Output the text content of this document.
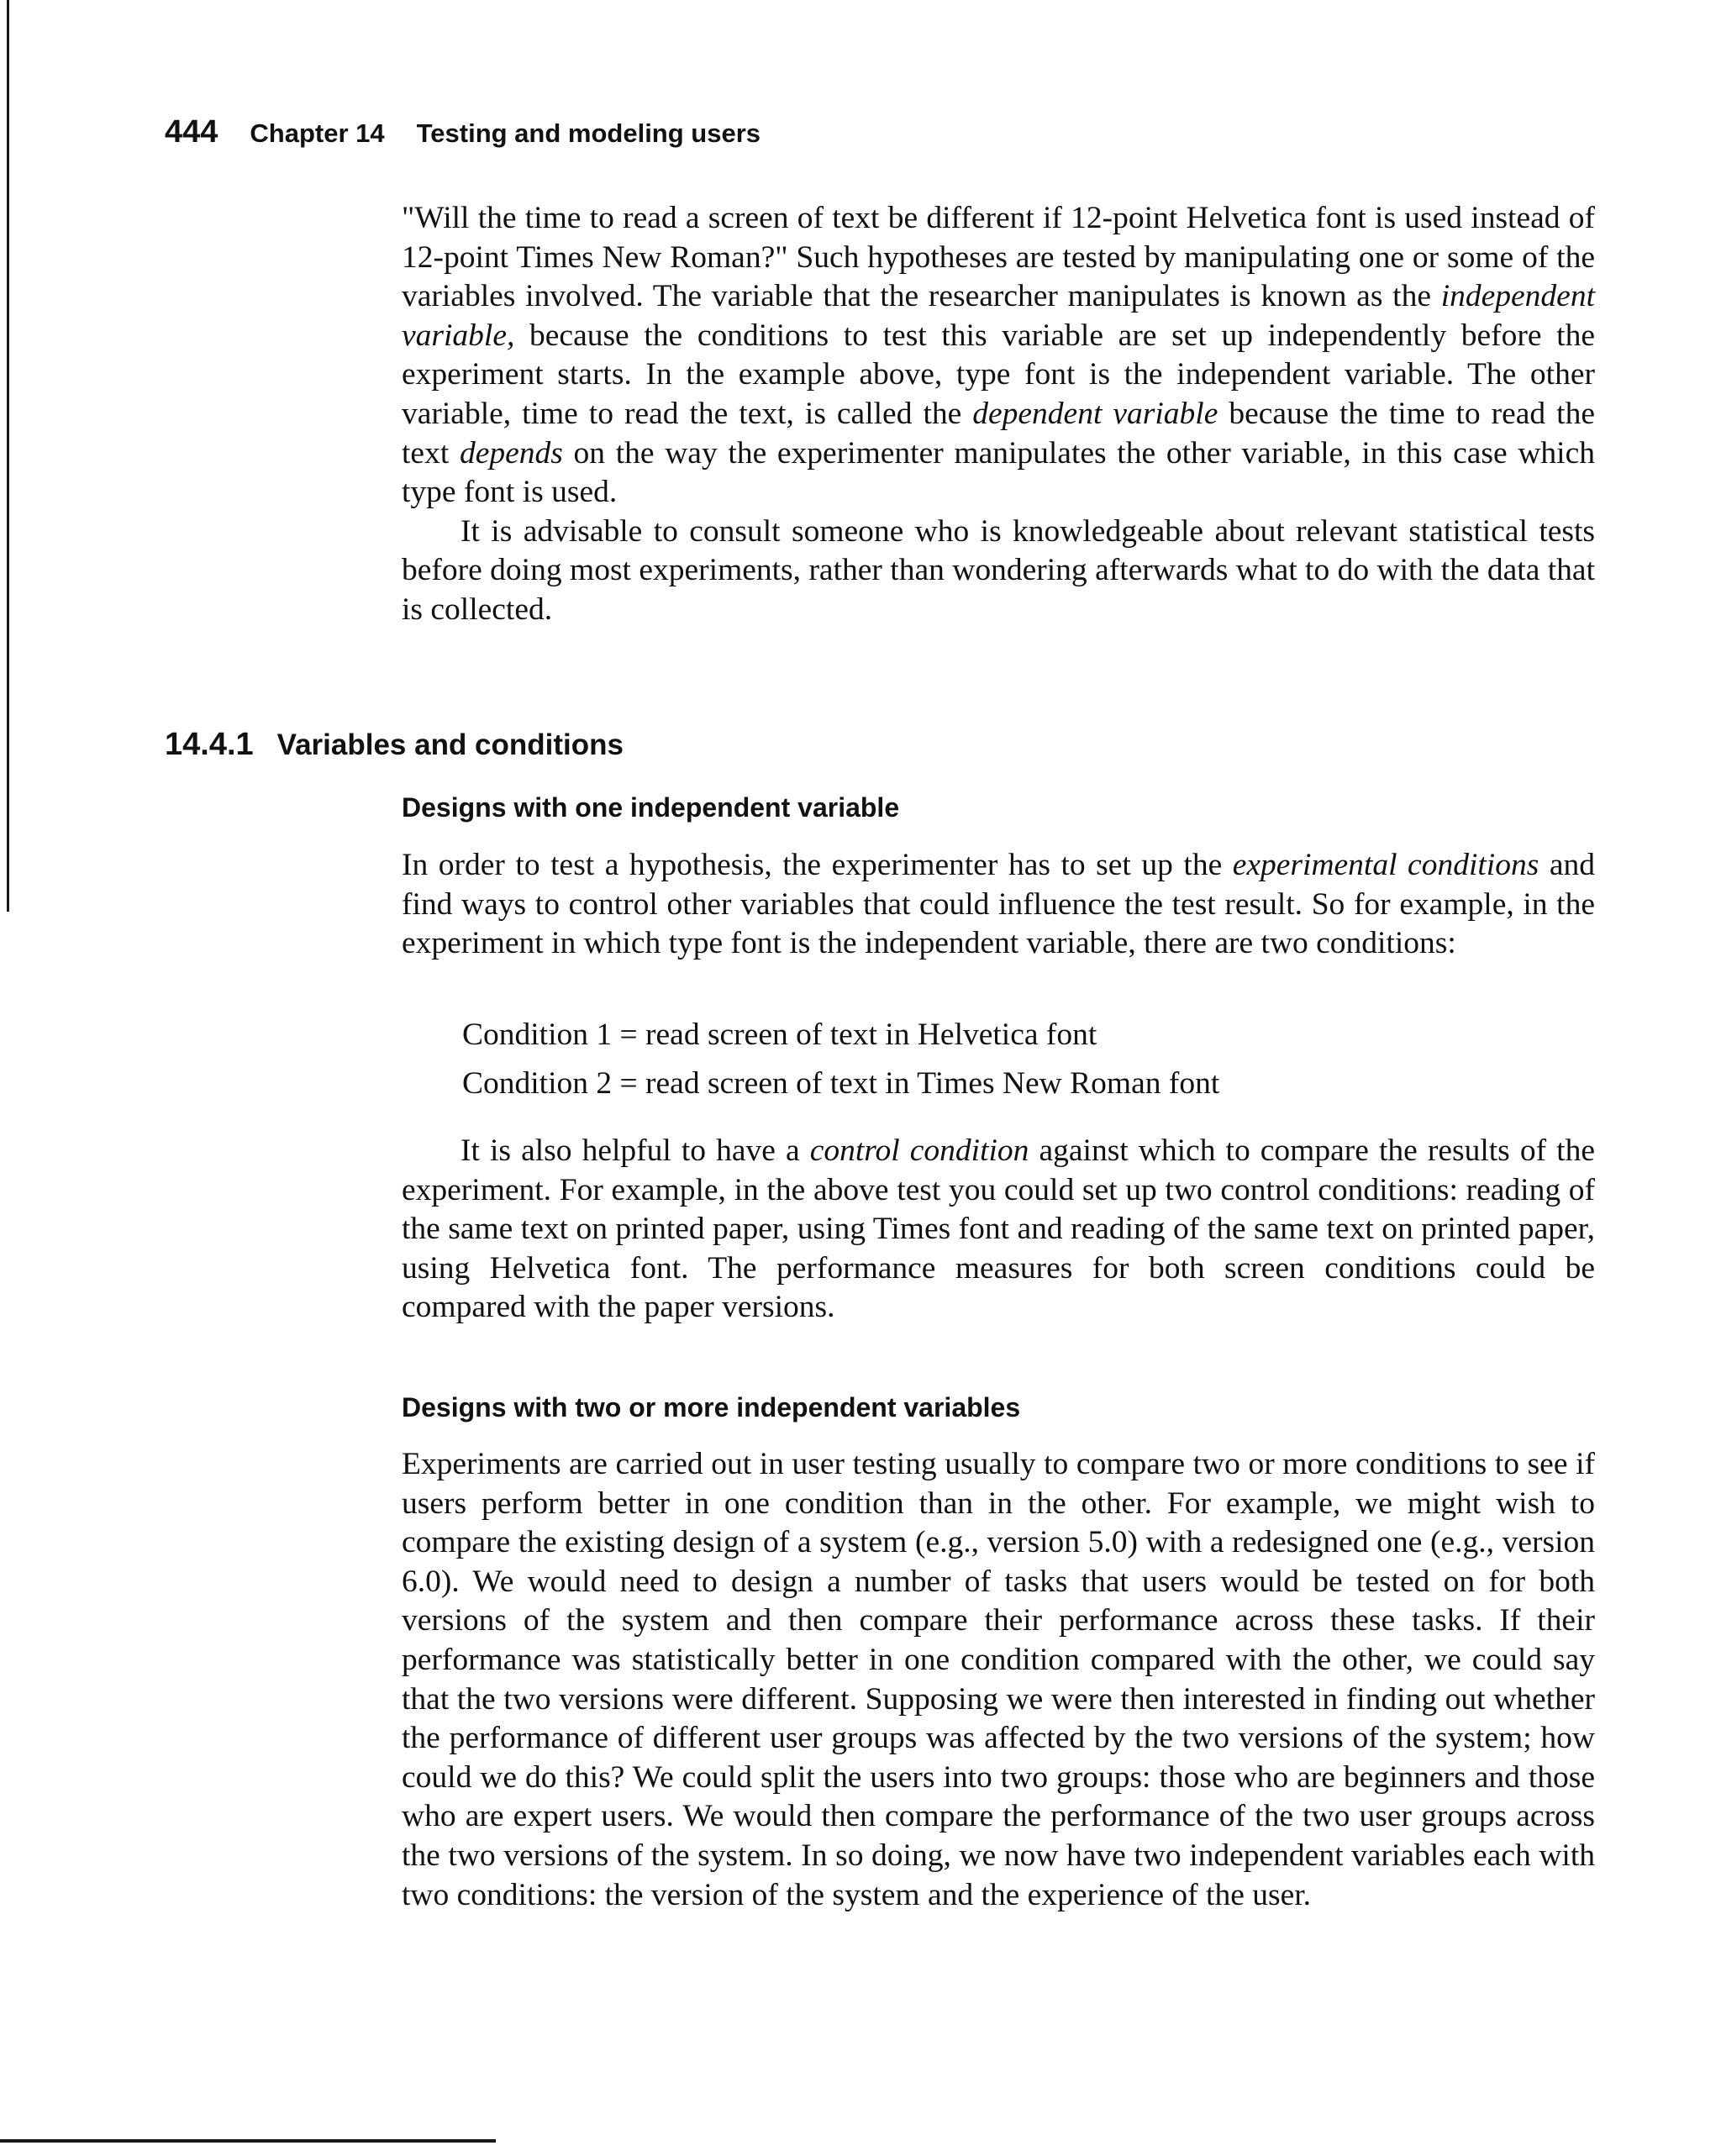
444 Chapter 14 Testing and modeling users

"Will the time to read a screen of text be different if 12-point Helvetica font is used instead of 12-point Times New Roman?" Such hypotheses are tested by manipulating one or some of the variables involved. The variable that the researcher manipulates is known as the independent variable, because the conditions to test this variable are set up independently before the experiment starts. In the example above, type font is the independent variable. The other variable, time to read the text, is called the dependent variable because the time to read the text depends on the way the experimenter manipulates the other variable, in this case which type font is used.

It is advisable to consult someone who is knowledgeable about relevant statistical tests before doing most experiments, rather than wondering afterwards what to do with the data that is collected.

14.4.1 Variables and conditions
Designs with one independent variable

In order to test a hypothesis, the experimenter has to set up the experimental conditions and find ways to control other variables that could influence the test result. So for example, in the experiment in which type font is the independent variable, there are two conditions:

Condition 1 = read screen of text in Helvetica font
Condition 2 = read screen of text in Times New Roman font

It is also helpful to have a control condition against which to compare the results of the experiment. For example, in the above test you could set up two control conditions: reading of the same text on printed paper, using Times font and reading of the same text on printed paper, using Helvetica font. The performance measures for both screen conditions could be compared with the paper versions.

Designs with two or more independent variables

Experiments are carried out in user testing usually to compare two or more conditions to see if users perform better in one condition than in the other. For example, we might wish to compare the existing design of a system (e.g., version 5.0) with a redesigned one (e.g., version 6.0). We would need to design a number of tasks that users would be tested on for both versions of the system and then compare their performance across these tasks. If their performance was statistically better in one condition compared with the other, we could say that the two versions were different. Supposing we were then interested in finding out whether the performance of different user groups was affected by the two versions of the system; how could we do this? We could split the users into two groups: those who are beginners and those who are expert users. We would then compare the performance of the two user groups across the two versions of the system. In so doing, we now have two independent variables each with two conditions: the version of the system and the experience of the user.
